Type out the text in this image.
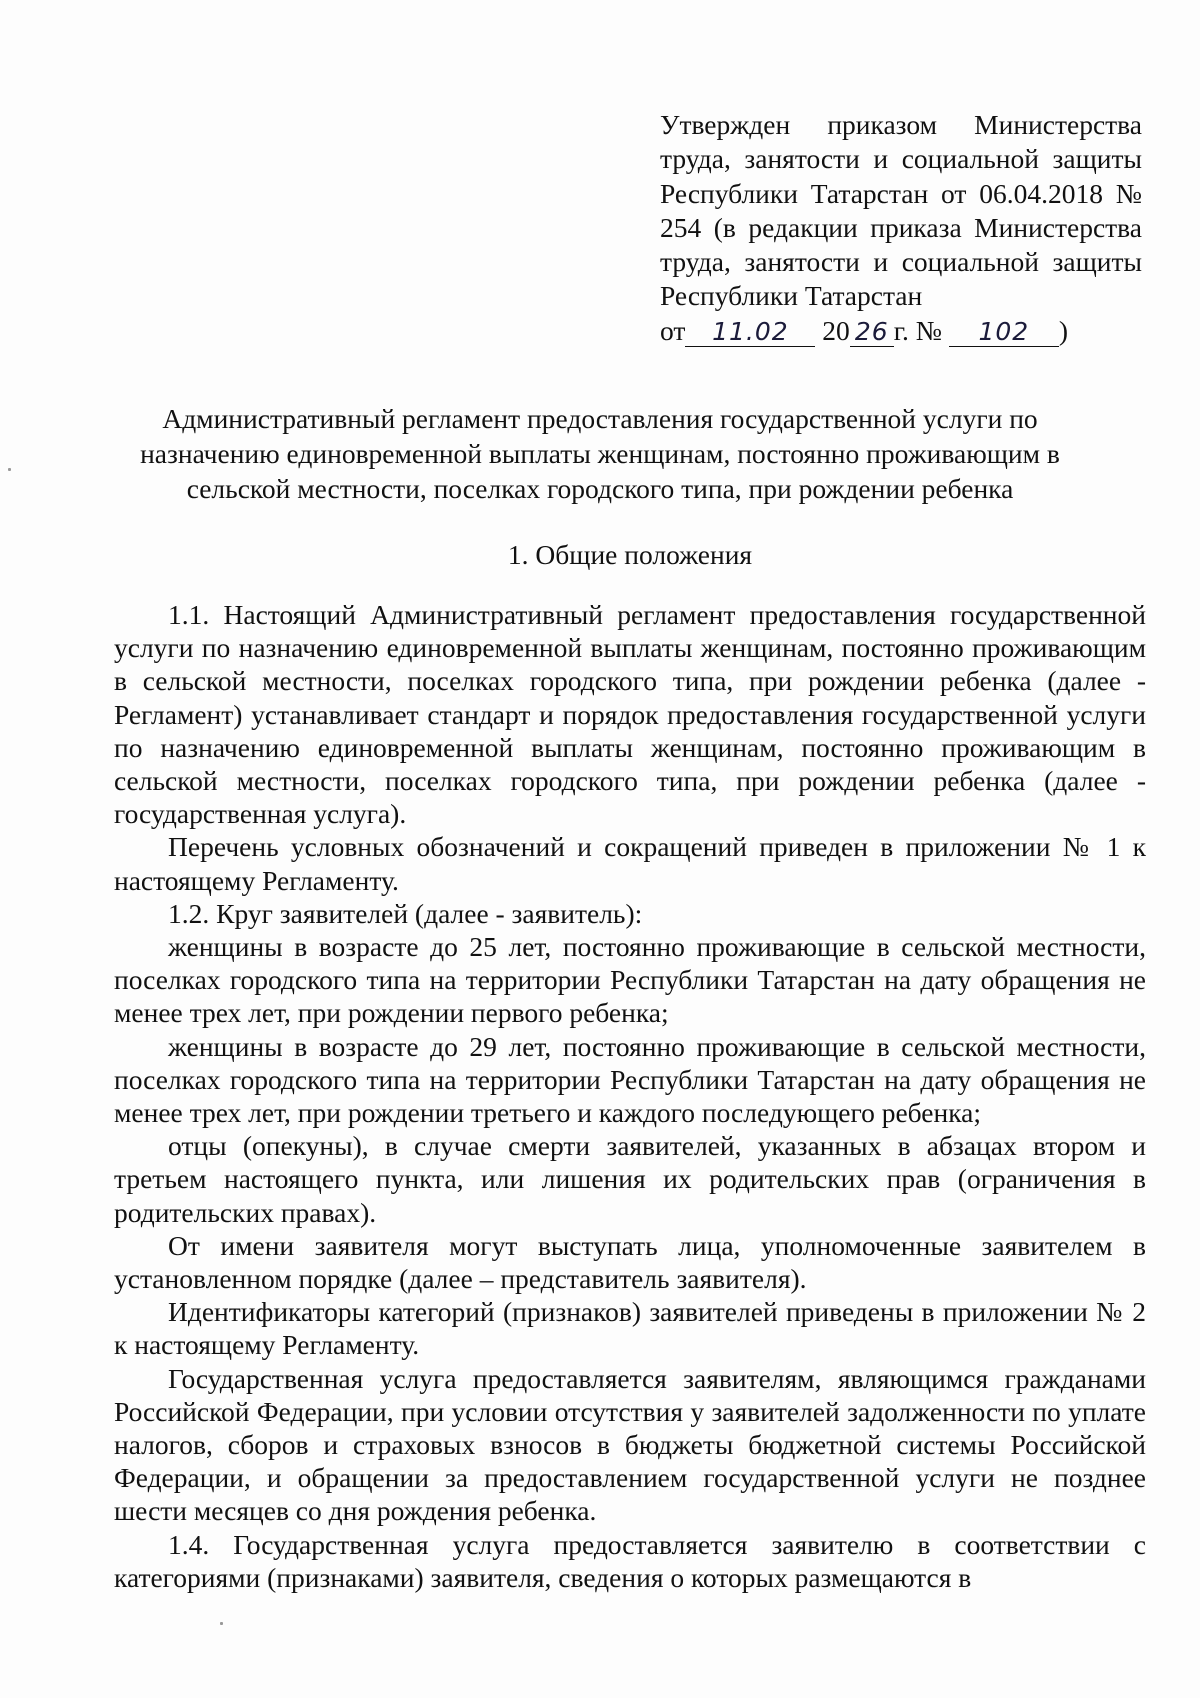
Утвержден приказом Министерства
труда, занятости и социальной защиты
Республики Татарстан от 06.04.2018 №
254 (в редакции приказа Министерства
труда, занятости и социальной защиты
Республики Татарстан
от 11.02 20 26 г. № 102 )
Административный регламент предоставления государственной услуги по
назначению единовременной выплаты женщинам, постоянно проживающим в
сельской местности, поселках городского типа, при рождении ребенка
1. Общие положения

1.1. Настоящий Административный регламент предоставления государственной услуги по назначению единовременной выплаты женщинам, постоянно проживающим в сельской местности, поселках городского типа, при рождении ребенка (далее - Регламент) устанавливает стандарт и порядок предоставления государственной услуги по назначению единовременной выплаты женщинам, постоянно проживающим в сельской местности, поселках городского типа, при рождении ребенка (далее - государственная услуга).

Перечень условных обозначений и сокращений приведен в приложении № 1 к настоящему Регламенту.

1.2. Круг заявителей (далее - заявитель):

женщины в возрасте до 25 лет, постоянно проживающие в сельской местности, поселках городского типа на территории Республики Татарстан на дату обращения не менее трех лет, при рождении первого ребенка;

женщины в возрасте до 29 лет, постоянно проживающие в сельской местности, поселках городского типа на территории Республики Татарстан на дату обращения не менее трех лет, при рождении третьего и каждого последующего ребенка;

отцы (опекуны), в случае смерти заявителей, указанных в абзацах втором и третьем настоящего пункта, или лишения их родительских прав (ограничения в родительских правах).

От имени заявителя могут выступать лица, уполномоченные заявителем в установленном порядке (далее – представитель заявителя).

Идентификаторы категорий (признаков) заявителей приведены в приложении № 2 к настоящему Регламенту.

Государственная услуга предоставляется заявителям, являющимся гражданами Российской Федерации, при условии отсутствия у заявителей задолженности по уплате налогов, сборов и страховых взносов в бюджеты бюджетной системы Российской Федерации, и обращении за предоставлением государственной услуги не позднее шести месяцев со дня рождения ребенка.

1.4. Государственная услуга предоставляется заявителю в соответствии с категориями (признаками) заявителя, сведения о которых размещаются в
